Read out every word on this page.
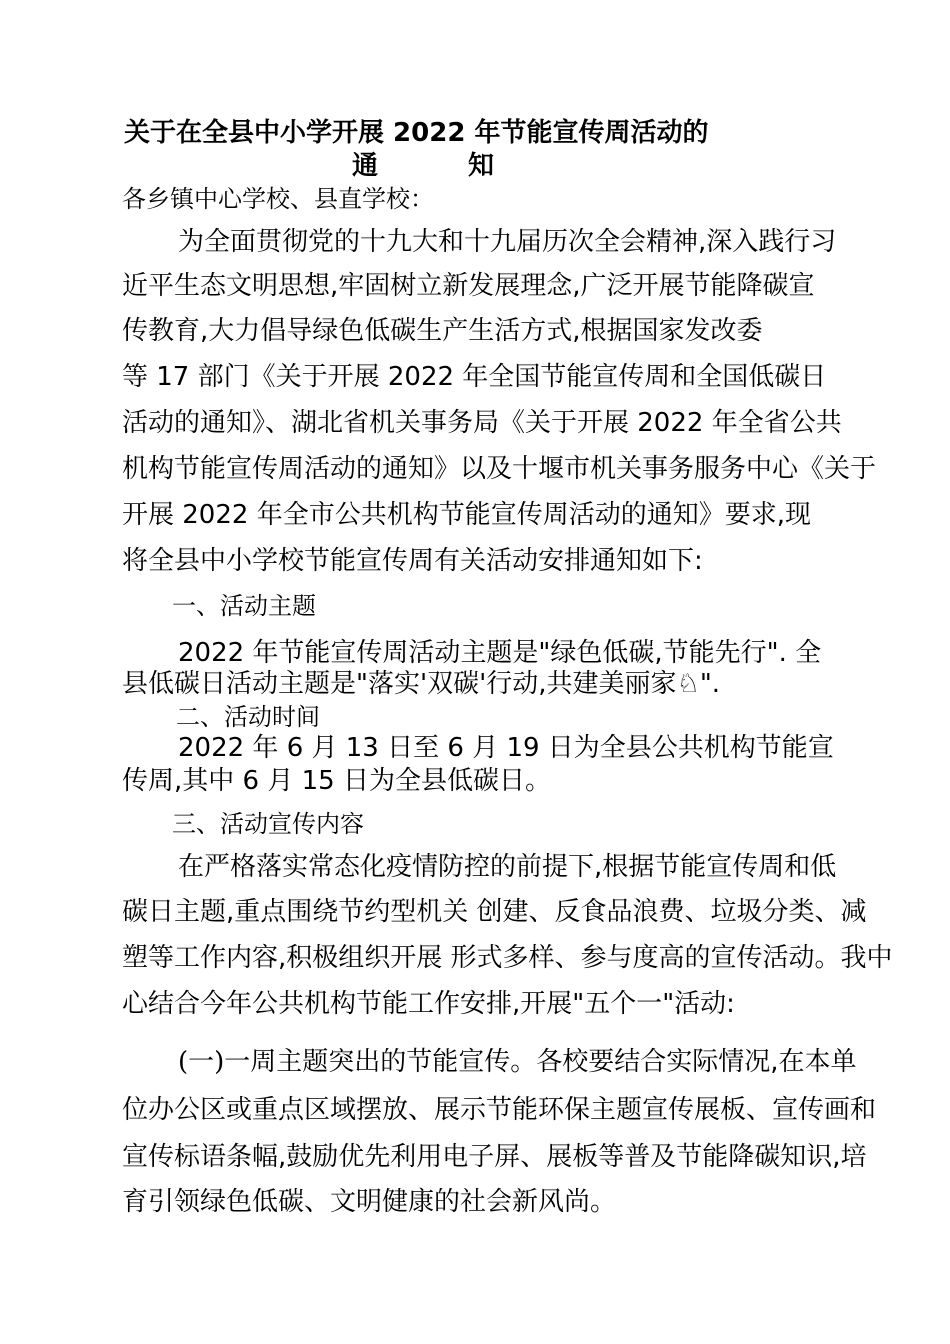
关于在全县中小学开展 2022 年节能宣传周活动的
通	知
各乡镇中心学校、县直学校：
为全面贯彻党的十九大和十九届历次全会精神,深入践行习
近平生态文明思想,牢固树立新发展理念,广泛开展节能降碳宣
传教育,大力倡导绿色低碳生产生活方式,根据国家发改委
等 17 部门《关于开展 2022 年全国节能宣传周和全国低碳日
活动的通知》、湖北省机关事务局《关于开展 2022 年全省公共
机构节能宣传周活动的通知》以及十堰市机关事务服务中心《关于
开展 2022 年全市公共机构节能宣传周活动的通知》要求,现
将全县中小学校节能宣传周有关活动安排通知如下:
一、活动主题
2022 年节能宣传周活动主题是"绿色低碳,节能先行". 全
县低碳日活动主题是"落实'双碳'行动,共建美丽家♘".
二、活动时间
2022 年 6 月 13 日至 6 月 19 日为全县公共机构节能宣
传周,其中 6 月 15 日为全县低碳日。
三、活动宣传内容
在严格落实常态化疫情防控的前提下,根据节能宣传周和低
碳日主题,重点围绕节约型机关 创建、反食品浪费、垃圾分类、减
塑等工作内容,积极组织开展 形式多样、参与度高的宣传活动。我中
心结合今年公共机构节能工作安排,开展"五个一"活动:
(一)一周主题突出的节能宣传。各校要结合实际情况,在本单
位办公区或重点区域摆放、展示节能环保主题宣传展板、宣传画和
宣传标语条幅,鼓励优先利用电子屏、展板等普及节能降碳知识,培
育引领绿色低碳、文明健康的社会新风尚。
